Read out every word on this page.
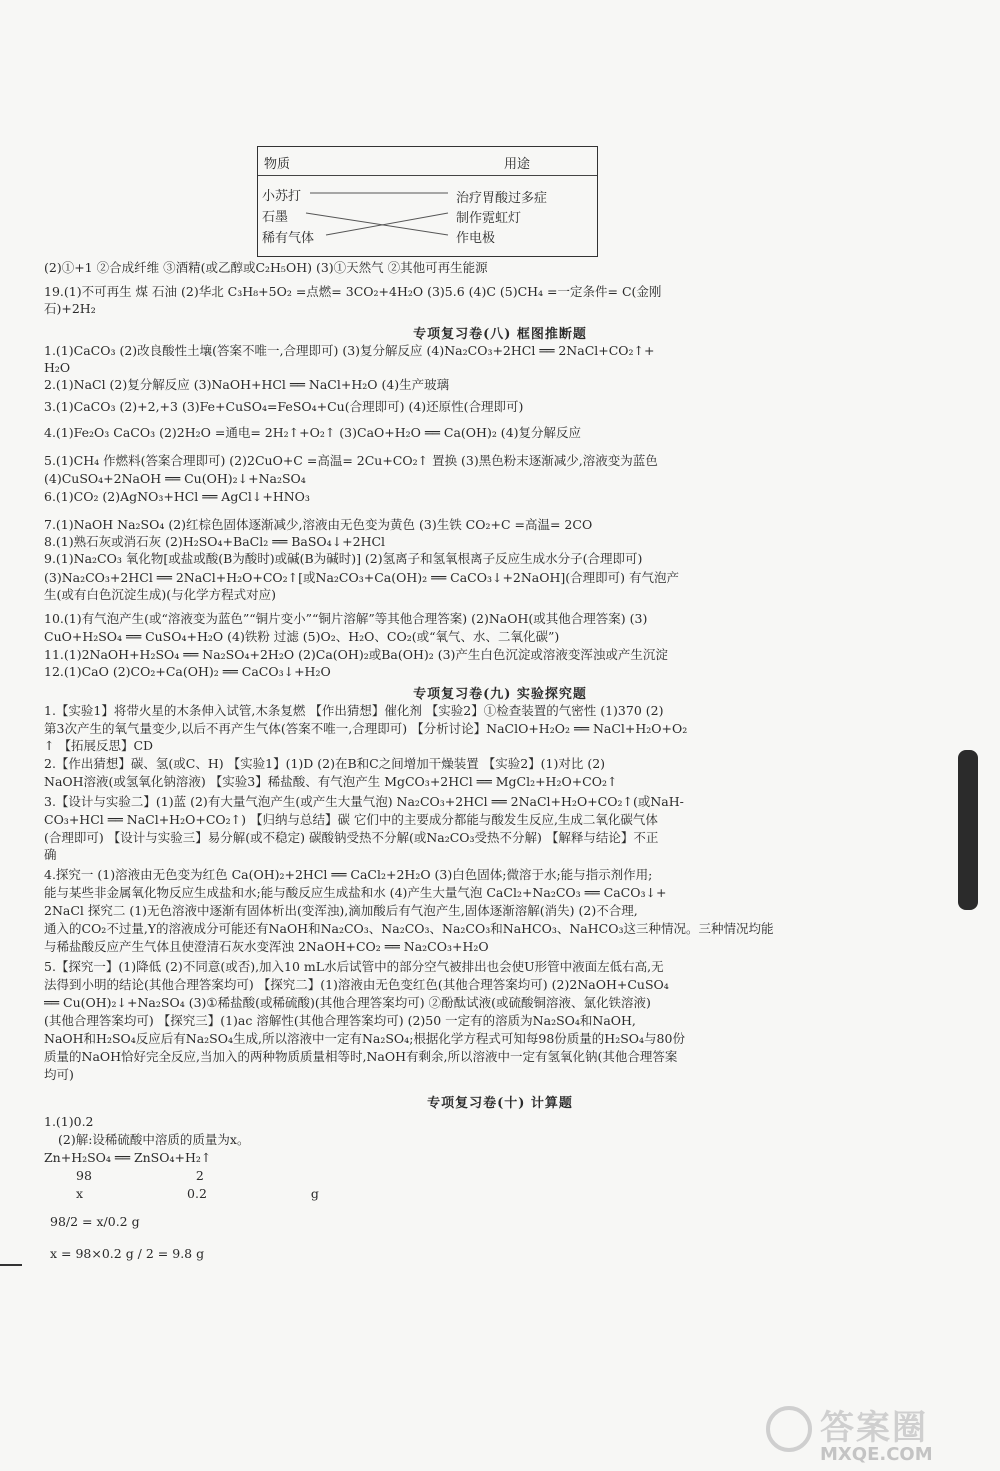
物质	用途
小苏打
石墨
稀有气体
治疗胃酸过多症
制作霓虹灯
作电极
(2)①+1 ②合成纤维 ③酒精(或乙醇或C₂H₅OH) (3)①天然气 ②其他可再生能源
19.(1)不可再生 煤 石油 (2)华北 C₃H₈+5O₂ =点燃= 3CO₂+4H₂O (3)5.6 (4)C (5)CH₄ =一定条件= C(金刚
石)+2H₂
专项复习卷(八) 框图推断题
1.(1)CaCO₃ (2)改良酸性土壤(答案不唯一,合理即可) (3)复分解反应 (4)Na₂CO₃+2HCl ══ 2NaCl+CO₂↑+
H₂O
2.(1)NaCl (2)复分解反应 (3)NaOH+HCl ══ NaCl+H₂O (4)生产玻璃
3.(1)CaCO₃ (2)+2,+3 (3)Fe+CuSO₄=FeSO₄+Cu(合理即可) (4)还原性(合理即可)
4.(1)Fe₂O₃ CaCO₃ (2)2H₂O =通电= 2H₂↑+O₂↑ (3)CaO+H₂O ══ Ca(OH)₂ (4)复分解反应
5.(1)CH₄ 作燃料(答案合理即可) (2)2CuO+C =高温= 2Cu+CO₂↑ 置换 (3)黑色粉末逐渐减少,溶液变为蓝色
(4)CuSO₄+2NaOH ══ Cu(OH)₂↓+Na₂SO₄
6.(1)CO₂ (2)AgNO₃+HCl ══ AgCl↓+HNO₃
7.(1)NaOH Na₂SO₄ (2)红棕色固体逐渐减少,溶液由无色变为黄色 (3)生铁 CO₂+C =高温= 2CO
8.(1)熟石灰或消石灰 (2)H₂SO₄+BaCl₂ ══ BaSO₄↓+2HCl
9.(1)Na₂CO₃ 氧化物[或盐或酸(B为酸时)或碱(B为碱时)] (2)氢离子和氢氧根离子反应生成水分子(合理即可)
(3)Na₂CO₃+2HCl ══ 2NaCl+H₂O+CO₂↑[或Na₂CO₃+Ca(OH)₂ ══ CaCO₃↓+2NaOH](合理即可) 有气泡产
生(或有白色沉淀生成)(与化学方程式对应)
10.(1)有气泡产生(或“溶液变为蓝色”“铜片变小”“铜片溶解”等其他合理答案) (2)NaOH(或其他合理答案) (3)
CuO+H₂SO₄ ══ CuSO₄+H₂O (4)铁粉 过滤 (5)O₂、H₂O、CO₂(或“氧气、水、二氧化碳”)
11.(1)2NaOH+H₂SO₄ ══ Na₂SO₄+2H₂O (2)Ca(OH)₂或Ba(OH)₂ (3)产生白色沉淀或溶液变浑浊或产生沉淀
12.(1)CaO (2)CO₂+Ca(OH)₂ ══ CaCO₃↓+H₂O
专项复习卷(九) 实验探究题
1.【实验1】将带火星的木条伸入试管,木条复燃 【作出猜想】催化剂 【实验2】①检查装置的气密性 (1)370 (2)
第3次产生的氧气量变少,以后不再产生气体(答案不唯一,合理即可) 【分析讨论】NaClO+H₂O₂ ══ NaCl+H₂O+O₂
↑ 【拓展反思】CD
2.【作出猜想】碳、氢(或C、H) 【实验1】(1)D (2)在B和C之间增加干燥装置 【实验2】(1)对比 (2)
NaOH溶液(或氢氧化钠溶液) 【实验3】稀盐酸、有气泡产生 MgCO₃+2HCl ══ MgCl₂+H₂O+CO₂↑
3.【设计与实验二】(1)蓝 (2)有大量气泡产生(或产生大量气泡) Na₂CO₃+2HCl ══ 2NaCl+H₂O+CO₂↑(或NaH-
CO₃+HCl ══ NaCl+H₂O+CO₂↑) 【归纳与总结】碳 它们中的主要成分都能与酸发生反应,生成二氧化碳气体
(合理即可) 【设计与实验三】易分解(或不稳定) 碳酸钠受热不分解(或Na₂CO₃受热不分解) 【解释与结论】不正
确
4.探究一 (1)溶液由无色变为红色 Ca(OH)₂+2HCl ══ CaCl₂+2H₂O (3)白色固体;微溶于水;能与指示剂作用;
能与某些非金属氧化物反应生成盐和水;能与酸反应生成盐和水 (4)产生大量气泡 CaCl₂+Na₂CO₃ ══ CaCO₃↓+
2NaCl 探究二 (1)无色溶液中逐渐有固体析出(变浑浊),滴加酸后有气泡产生,固体逐渐溶解(消失) (2)不合理,
通入的CO₂不过量,Y的溶液成分可能还有NaOH和Na₂CO₃、Na₂CO₃、Na₂CO₃和NaHCO₃、NaHCO₃这三种情况。三种情况均能
与稀盐酸反应产生气体且使澄清石灰水变浑浊 2NaOH+CO₂ ══ Na₂CO₃+H₂O
5.【探究一】(1)降低 (2)不同意(或否),加入10 mL水后试管中的部分空气被排出也会使U形管中液面左低右高,无
法得到小明的结论(其他合理答案均可) 【探究二】(1)溶液由无色变红色(其他合理答案均可) (2)2NaOH+CuSO₄
══ Cu(OH)₂↓+Na₂SO₄ (3)①稀盐酸(或稀硫酸)(其他合理答案均可) ②酚酞试液(或硫酸铜溶液、氯化铁溶液)
(其他合理答案均可) 【探究三】(1)ac 溶解性(其他合理答案均可) (2)50 一定有的溶质为Na₂SO₄和NaOH,
NaOH和H₂SO₄反应后有Na₂SO₄生成,所以溶液中一定有Na₂SO₄;根据化学方程式可知每98份质量的H₂SO₄与80份
质量的NaOH恰好完全反应,当加入的两种物质质量相等时,NaOH有剩余,所以溶液中一定有氢氧化钠(其他合理答案
均可)
专项复习卷(十) 计算题
1.(1)0.2
(2)解:设稀硫酸中溶质的质量为x。
Zn+H₂SO₄ ══ ZnSO₄+H₂↑
98 2
x 0.2 g
98/2 = x/0.2 g
x = 98×0.2 g / 2 = 9.8 g
答案圈
MXQE.COM
